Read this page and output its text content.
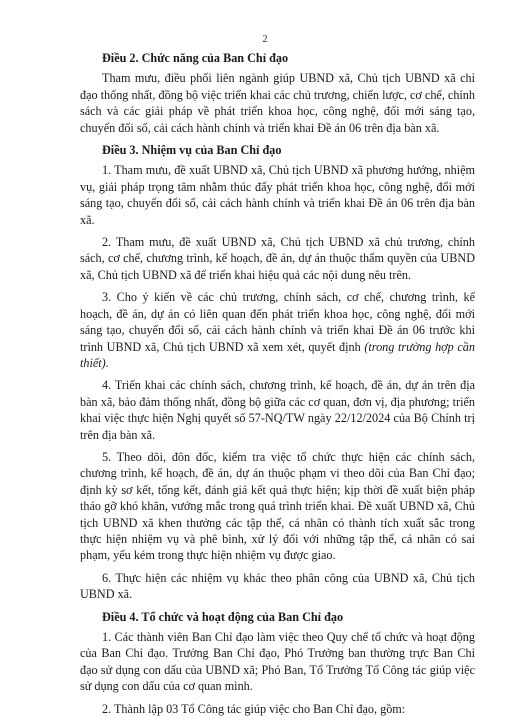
2

Điều 2. Chức năng của Ban Chỉ đạo

Tham mưu, điều phối liên ngành giúp UBND xã, Chủ tịch UBND xã chỉ đạo thống nhất, đồng bộ việc triển khai các chủ trương, chiến lược, cơ chế, chính sách và các giải pháp về phát triển khoa học, công nghệ, đổi mới sáng tạo, chuyển đổi số, cải cách hành chính và triển khai Đề án 06 trên địa bàn xã.

Điều 3. Nhiệm vụ của Ban Chỉ đạo

1. Tham mưu, đề xuất UBND xã, Chủ tịch UBND xã phương hướng, nhiệm vụ, giải pháp trọng tâm nhằm thúc đẩy phát triển khoa học, công nghệ, đổi mới sáng tạo, chuyển đổi số, cải cách hành chính và triển khai Đề án 06 trên địa bàn xã.

2. Tham mưu, đề xuất UBND xã, Chủ tịch UBND xã chủ trương, chính sách, cơ chế, chương trình, kế hoạch, đề án, dự án thuộc thẩm quyền của UBND xã, Chủ tịch UBND xã để triển khai hiệu quả các nội dung nêu trên.

3. Cho ý kiến về các chủ trương, chính sách, cơ chế, chương trình, kế hoạch, đề án, dự án có liên quan đến phát triển khoa học, công nghệ, đổi mới sáng tạo, chuyển đổi số, cải cách hành chính và triển khai Đề án 06 trước khi trình UBND xã, Chủ tịch UBND xã xem xét, quyết định (trong trường hợp cần thiết).

4. Triển khai các chính sách, chương trình, kế hoạch, đề án, dự án trên địa bàn xã, bảo đảm thống nhất, đồng bộ giữa các cơ quan, đơn vị, địa phương; triển khai việc thực hiện Nghị quyết số 57-NQ/TW ngày 22/12/2024 của Bộ Chính trị trên địa bàn xã.

5. Theo dõi, đôn đốc, kiểm tra việc tổ chức thực hiện các chính sách, chương trình, kế hoạch, đề án, dự án thuộc phạm vi theo dõi của Ban Chỉ đạo; định kỳ sơ kết, tổng kết, đánh giá kết quả thực hiện; kịp thời đề xuất biện pháp tháo gỡ khó khăn, vướng mắc trong quá trình triển khai. Đề xuất UBND xã, Chủ tịch UBND xã khen thưởng các tập thể, cá nhân có thành tích xuất sắc trong thực hiện nhiệm vụ và phê bình, xử lý đối với những tập thể, cá nhân có sai phạm, yếu kém trong thực hiện nhiệm vụ được giao.

6. Thực hiện các nhiệm vụ khác theo phân công của UBND xã, Chủ tịch UBND xã.

Điều 4. Tổ chức và hoạt động của Ban Chỉ đạo

1. Các thành viên Ban Chỉ đạo làm việc theo Quy chế tổ chức và hoạt động của Ban Chỉ đạo. Trưởng Ban Chỉ đạo, Phó Trưởng ban thường trực Ban Chỉ đạo sử dụng con dấu của UBND xã; Phó Ban, Tổ Trưởng Tổ Công tác giúp việc sử dụng con dấu của cơ quan mình.

2. Thành lập 03 Tổ Công tác giúp việc cho Ban Chỉ đạo, gồm:
